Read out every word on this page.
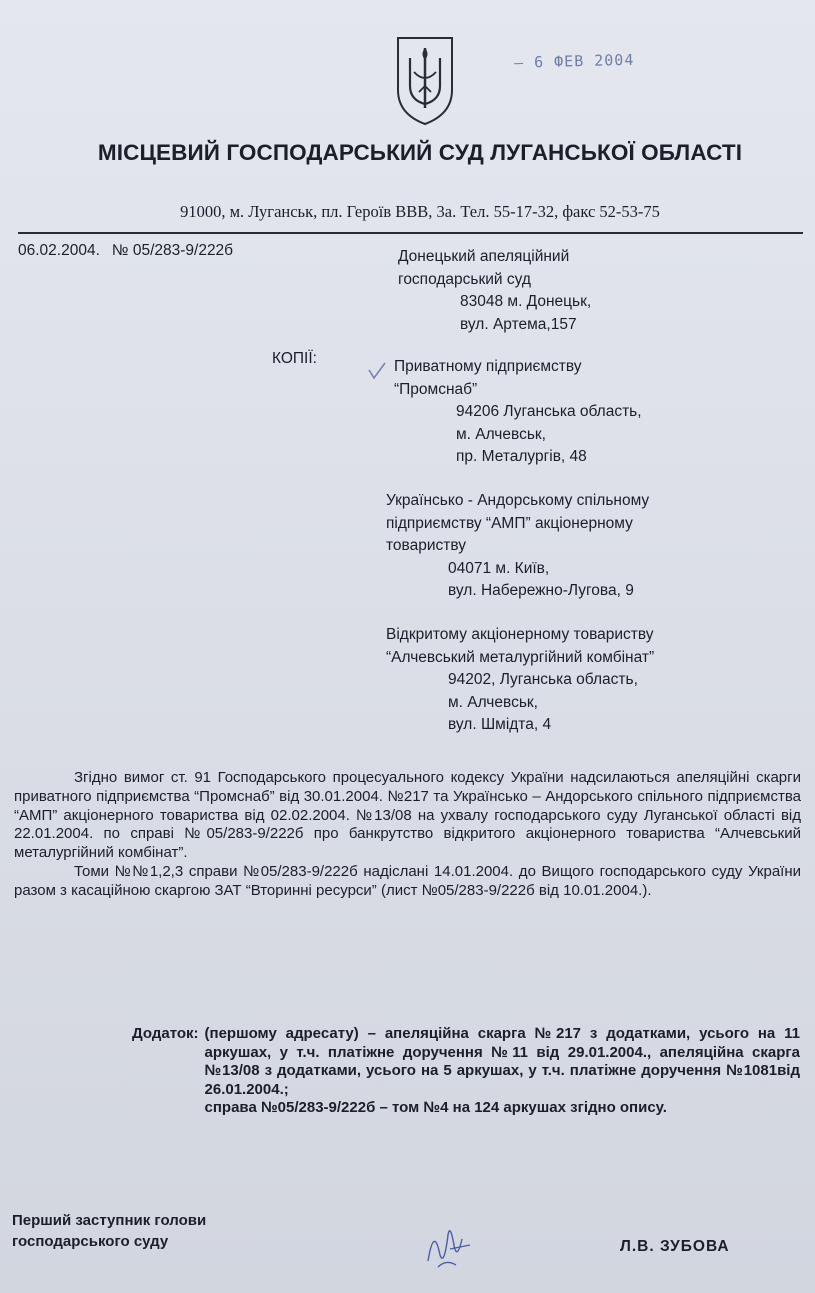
– 6 ФЕВ 2004
МІСЦЕВИЙ ГОСПОДАРСЬКИЙ СУД ЛУГАНСЬКОЇ ОБЛАСТІ
91000, м. Луганськ, пл. Героїв ВВВ, 3а. Тел. 55-17-32, факс 52-53-75
06.02.2004. № 05/283-9/222б	Донецький апеляційний
господарський суд
83048 м. Донецьк,
вул. Артема,157
КОПІЇ:	Приватному підприємству
“Промснаб”
94206 Луганська область,
м. Алчевськ,
пр. Металургів, 48
Українсько - Андорському спільному
підприємству “АМП” акціонерному
товариству
04071 м. Київ,
вул. Набережно-Лугова, 9
Відкритому акціонерному товариству
“Алчевський металургійний комбінат”
94202, Луганська область,
м. Алчевськ,
вул. Шмідта, 4

Згідно вимог ст. 91 Господарського процесуального кодексу України надсилаються апеляційні скарги приватного підприємства “Промснаб” від 30.01.2004. №217 та Українсько – Андорського спільного підприємства “АМП” акціонерного товариства від 02.02.2004. №13/08 на ухвалу господарського суду Луганської області від 22.01.2004. по справі №05/283-9/222б про банкрутство відкритого акціонерного товариства “Алчевський металургійний комбінат”.

Томи №№1,2,3 справи №05/283-9/222б надіслані 14.01.2004. до Вищого господарського суду України разом з касаційною скаргою ЗАТ “Вторинні ресурси” (лист №05/283-9/222б від 10.01.2004.).

Додаток: (першому адресату) – апеляційна скарга №217 з додатками, усього на 11 аркушах, у т.ч. платіжне доручення №11 від 29.01.2004., апеляційна скарга №13/08 з додатками, усього на 5 аркушах, у т.ч. платіжне доручення №1081від 26.01.2004.;

справа №05/283-9/222б – том №4 на 124 аркушах згідно опису.

Перший заступник голови
господарського суду	Л.В. ЗУБОВА
